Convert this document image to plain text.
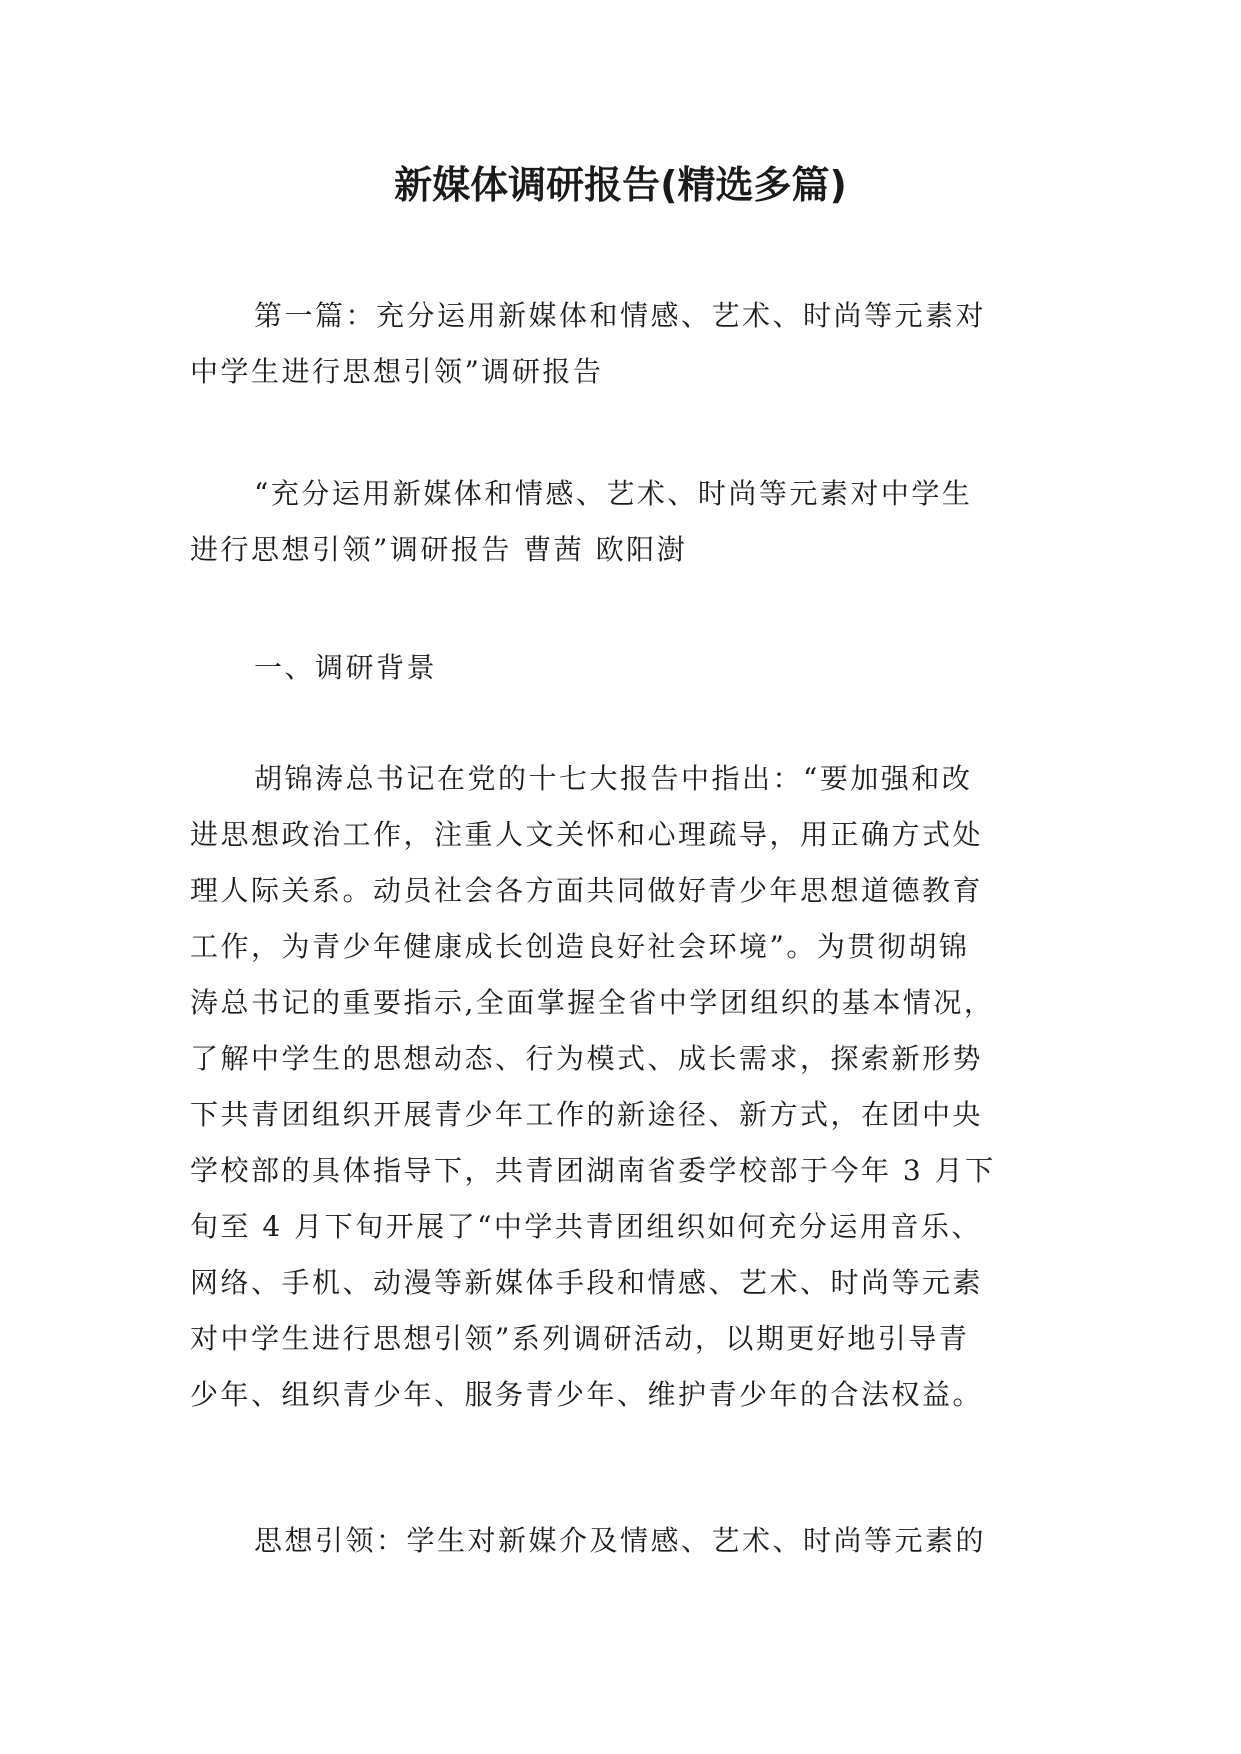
新媒体调研报告(精选多篇)
第一篇：充分运用新媒体和情感、艺术、时尚等元素对
中学生进行思想引领”调研报告
“充分运用新媒体和情感、艺术、时尚等元素对中学生
进行思想引领”调研报告 曹茜 欧阳澍
一、调研背景
胡锦涛总书记在党的十七大报告中指出：“要加强和改
进思想政治工作，注重人文关怀和心理疏导，用正确方式处
理人际关系。动员社会各方面共同做好青少年思想道德教育
工作，为青少年健康成长创造良好社会环境”。为贯彻胡锦
涛总书记的重要指示,全面掌握全省中学团组织的基本情况，
了解中学生的思想动态、行为模式、成长需求，探索新形势
下共青团组织开展青少年工作的新途径、新方式，在团中央
学校部的具体指导下，共青团湖南省委学校部于今年 3 月下
旬至 4 月下旬开展了“中学共青团组织如何充分运用音乐、
网络、手机、动漫等新媒体手段和情感、艺术、时尚等元素
对中学生进行思想引领”系列调研活动，以期更好地引导青
少年、组织青少年、服务青少年、维护青少年的合法权益。
思想引领：学生对新媒介及情感、艺术、时尚等元素的
